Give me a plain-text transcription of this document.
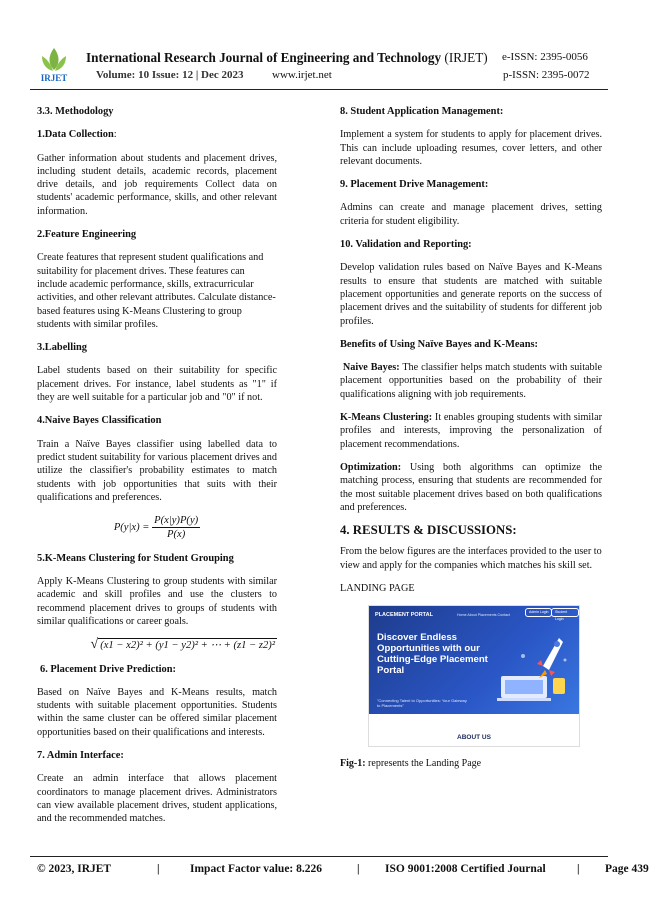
IRJET
International Research Journal of Engineering and Technology (IRJET) e-ISSN: 2395-0056
Volume: 10 Issue: 12 | Dec 2023	www.irjet.net	p-ISSN: 2395-0072
3.3. Methodology
1.Data Collection:

Gather information about students and placement drives, including student details, academic records, placement drive details, and job requirements Collect data on students' academic performance, skills, and other relevant information.

2.Feature Engineering

Create features that represent student qualifications and suitability for placement drives. These features can include academic performance, skills, extracurricular activities, and other relevant attributes. Calculate distance-based features using K-Means Clustering to group students with similar profiles.

3.Labelling

Label students based on their suitability for specific placement drives. For instance, label students as "1" if they are well suitable for a particular job and "0" if not.

4.Naive Bayes Classification

Train a Naïve Bayes classifier using labelled data to predict student suitability for various placement drives and utilize the classifier's probability estimates to match students with job opportunities that suits with their qualifications and preferences.

$P(y|x) = \frac{P(x|y)P(y)}{P(x)}$
5.K-Means Clustering for Student Grouping

Apply K-Means Clustering to group students with similar academic and skill profiles and use the clusters to recommend placement drives to groups of students with similar qualifications or career goals.

√ (x1 − x2)² + (y1 − y2)² + ⋯ + (z1 − z2)²
6. Placement Drive Prediction:

Based on Naïve Bayes and K-Means results, match students with suitable placement opportunities. Students within the same cluster can be offered similar placement opportunities based on their qualifications and interests.

7. Admin Interface:

Create an admin interface that allows placement coordinators to manage placement drives. Administrators can view available placement drives, student applications, and the recommended matches.

8. Student Application Management:

Implement a system for students to apply for placement drives. This can include uploading resumes, cover letters, and other relevant documents.

9. Placement Drive Management:

Admins can create and manage placement drives, setting criteria for student eligibility.

10. Validation and Reporting:

Develop validation rules based on Naïve Bayes and K-Means results to ensure that students are matched with suitable placement opportunities and generate reports on the success of placement drives and the suitability of students for different job profiles.

Benefits of Using Naïve Bayes and K-Means:

Naive Bayes: The classifier helps match students with suitable placement opportunities based on the probability of their qualifications aligning with job requirements.

K-Means Clustering: It enables grouping students with similar profiles and interests, improving the personalization of placement recommendations.

Optimization: Using both algorithms can optimize the matching process, ensuring that students are recommended for the most suitable placement drives based on both qualifications and preferences.

4. RESULTS & DISCUSSIONS:

From the below figures are the interfaces provided to the user to view and apply for the companies which matches his skill set.

LANDING PAGE

PLACEMENT PORTAL	Home About Placements Contact
Admin Login	Student Login
Discover Endless
Opportunities with our
Cutting-Edge Placement
Portal
"Connecting Talent to Opportunities: Your Gateway to Placements"
ABOUT US

Fig-1: represents the Landing Page

© 2023, IRJET	|	Impact Factor value: 8.226	| ISO 9001:2008 Certified Journal	| Page 439
